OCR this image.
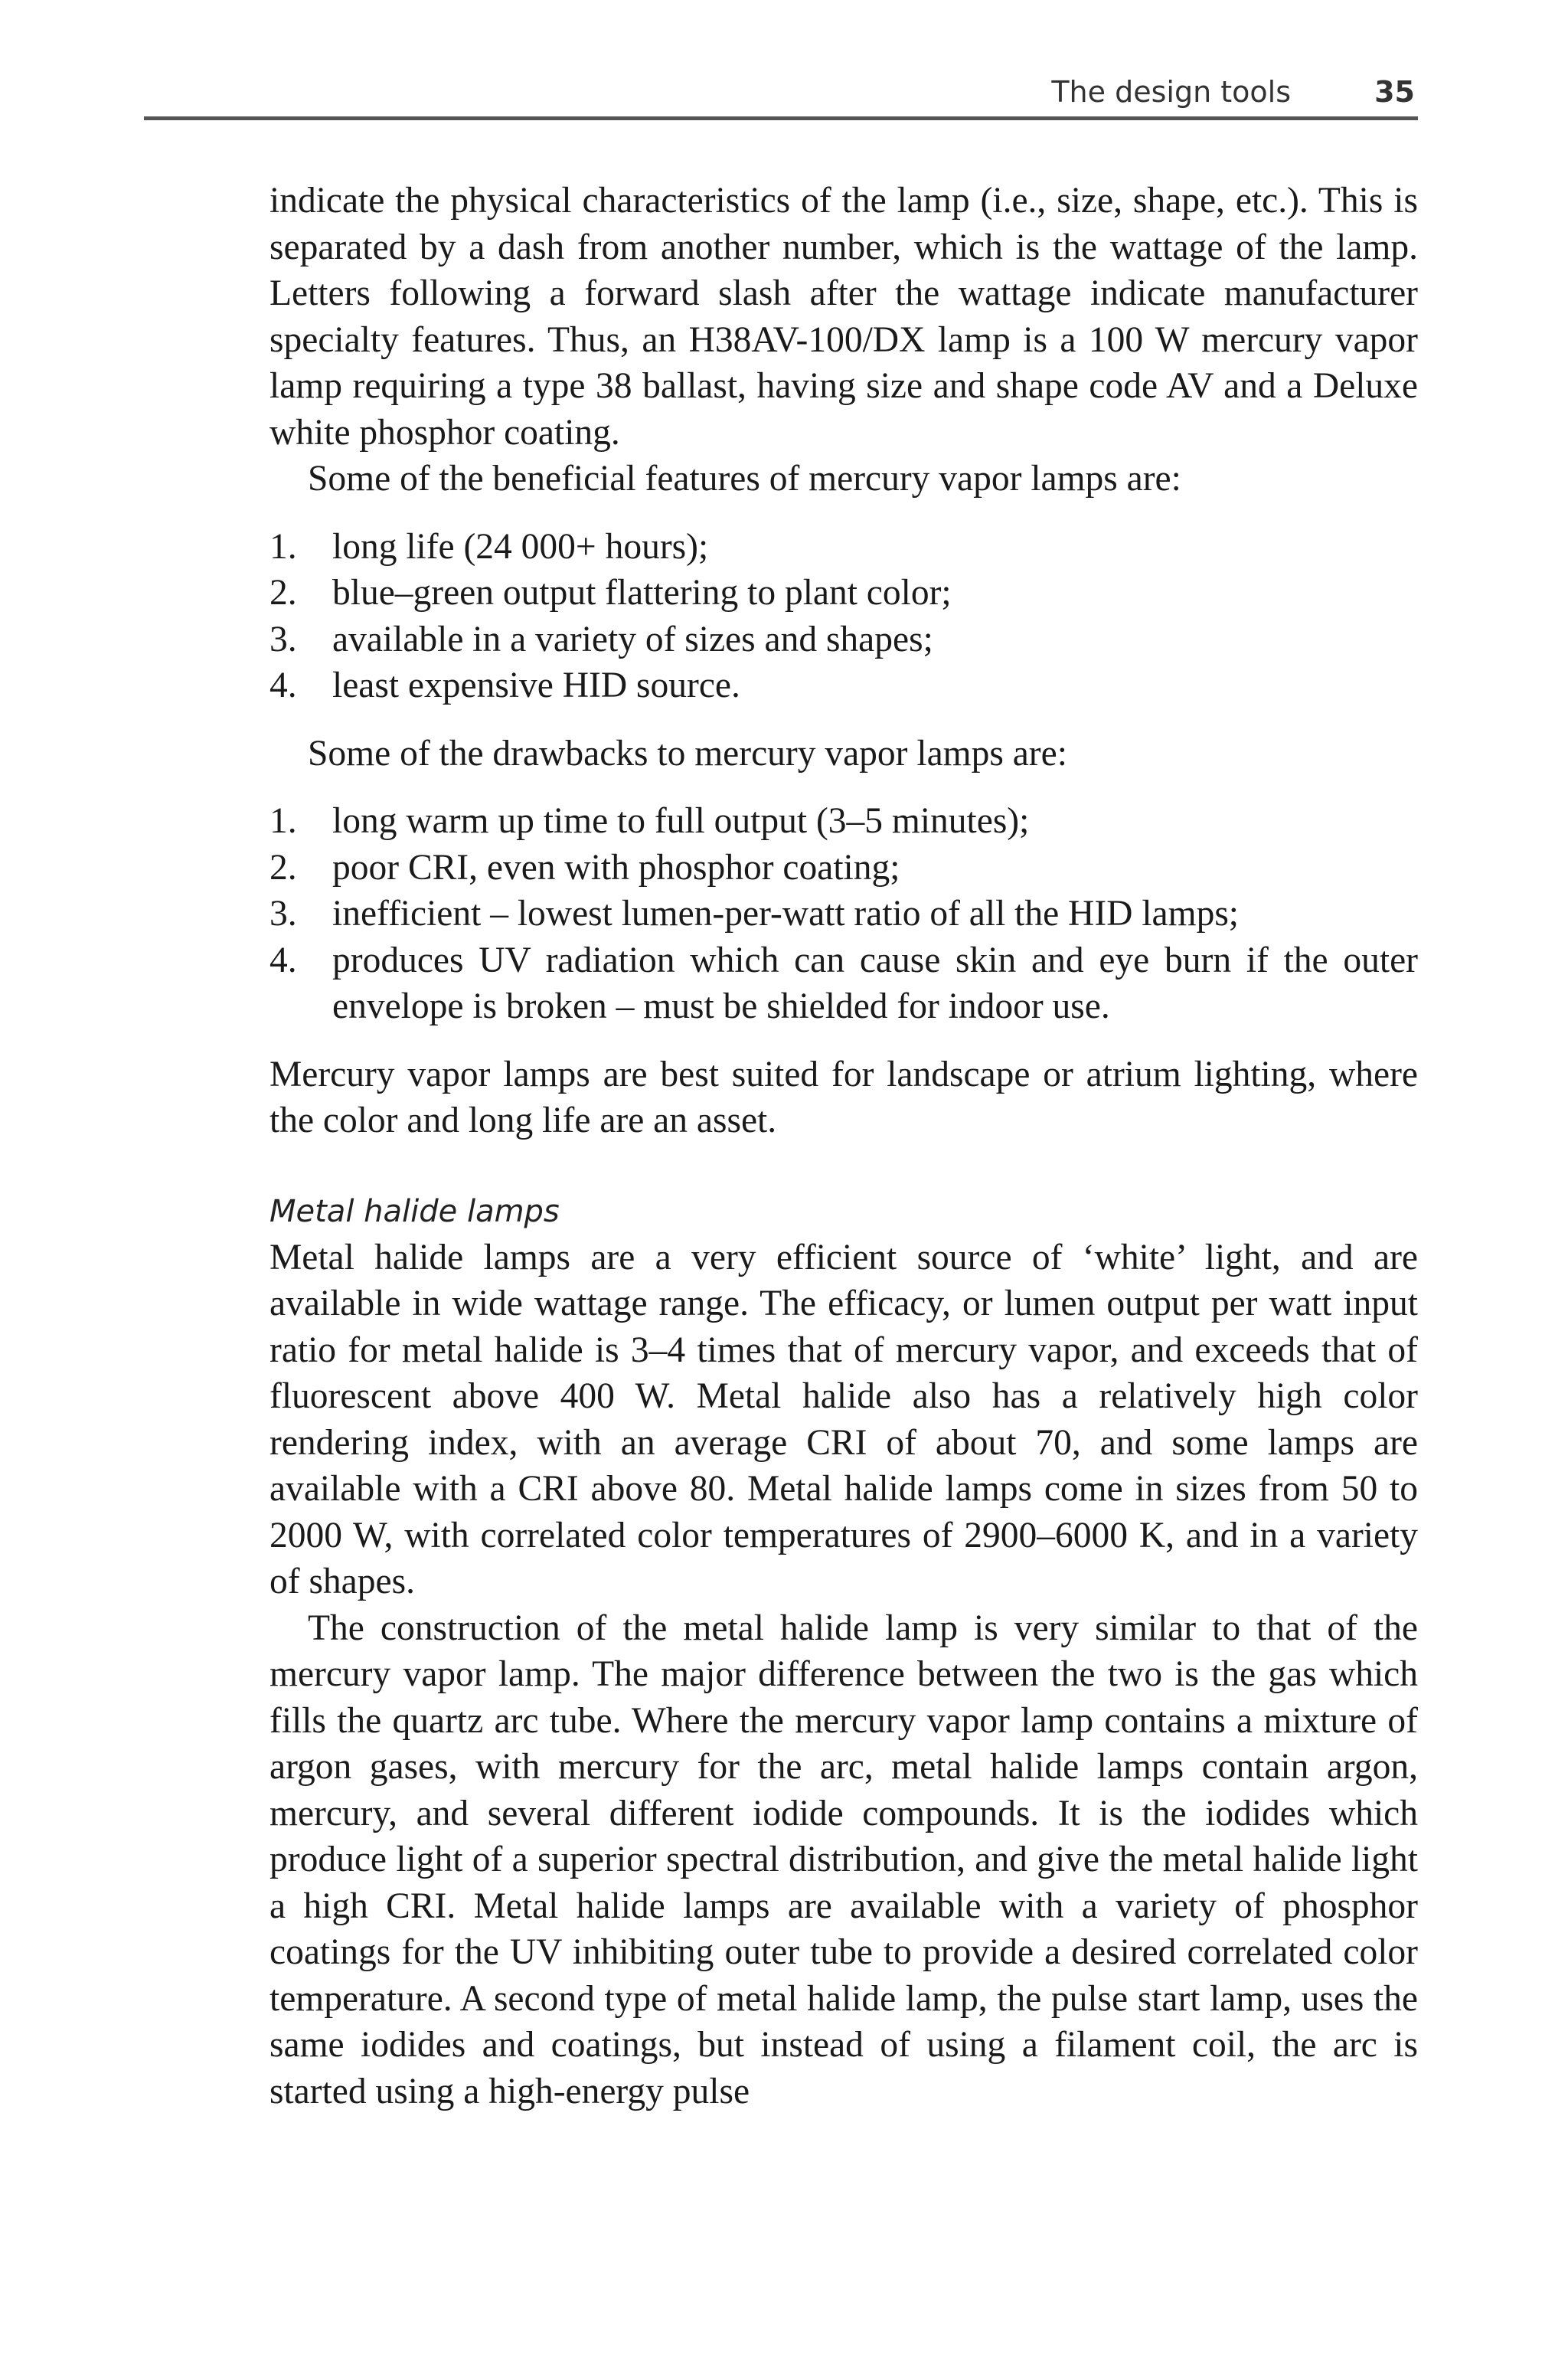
The design tools	35

indicate the physical characteristics of the lamp (i.e., size, shape, etc.). This is separated by a dash from another number, which is the wattage of the lamp. Letters following a forward slash after the wattage indicate manufacturer specialty features. Thus, an H38AV-100/DX lamp is a 100 W mercury vapor lamp requiring a type 38 ballast, having size and shape code AV and a Deluxe white phosphor coating.

Some of the beneficial features of mercury vapor lamps are:

1. long life (24 000+ hours);
2. blue–green output flattering to plant color;
3. available in a variety of sizes and shapes;
4. least expensive HID source.

Some of the drawbacks to mercury vapor lamps are:

1. long warm up time to full output (3–5 minutes);
2. poor CRI, even with phosphor coating;
3. inefficient – lowest lumen-per-watt ratio of all the HID lamps;
4. produces UV radiation which can cause skin and eye burn if the outer envelope is broken – must be shielded for indoor use.

Mercury vapor lamps are best suited for landscape or atrium lighting, where the color and long life are an asset.

Metal halide lamps

Metal halide lamps are a very efficient source of ‘white’ light, and are available in wide wattage range. The efficacy, or lumen output per watt input ratio for metal halide is 3–4 times that of mercury vapor, and exceeds that of fluorescent above 400 W. Metal halide also has a relatively high color rendering index, with an average CRI of about 70, and some lamps are available with a CRI above 80. Metal halide lamps come in sizes from 50 to 2000 W, with correlated color temperatures of 2900–6000 K, and in a variety of shapes.

The construction of the metal halide lamp is very similar to that of the mercury vapor lamp. The major difference between the two is the gas which fills the quartz arc tube. Where the mercury vapor lamp contains a mixture of argon gases, with mercury for the arc, metal halide lamps contain argon, mercury, and several different iodide compounds. It is the iodides which produce light of a superior spectral distribution, and give the metal halide light a high CRI. Metal halide lamps are available with a variety of phosphor coatings for the UV inhibiting outer tube to provide a desired correlated color temperature. A second type of metal halide lamp, the pulse start lamp, uses the same iodides and coatings, but instead of using a filament coil, the arc is started using a high-energy pulse
